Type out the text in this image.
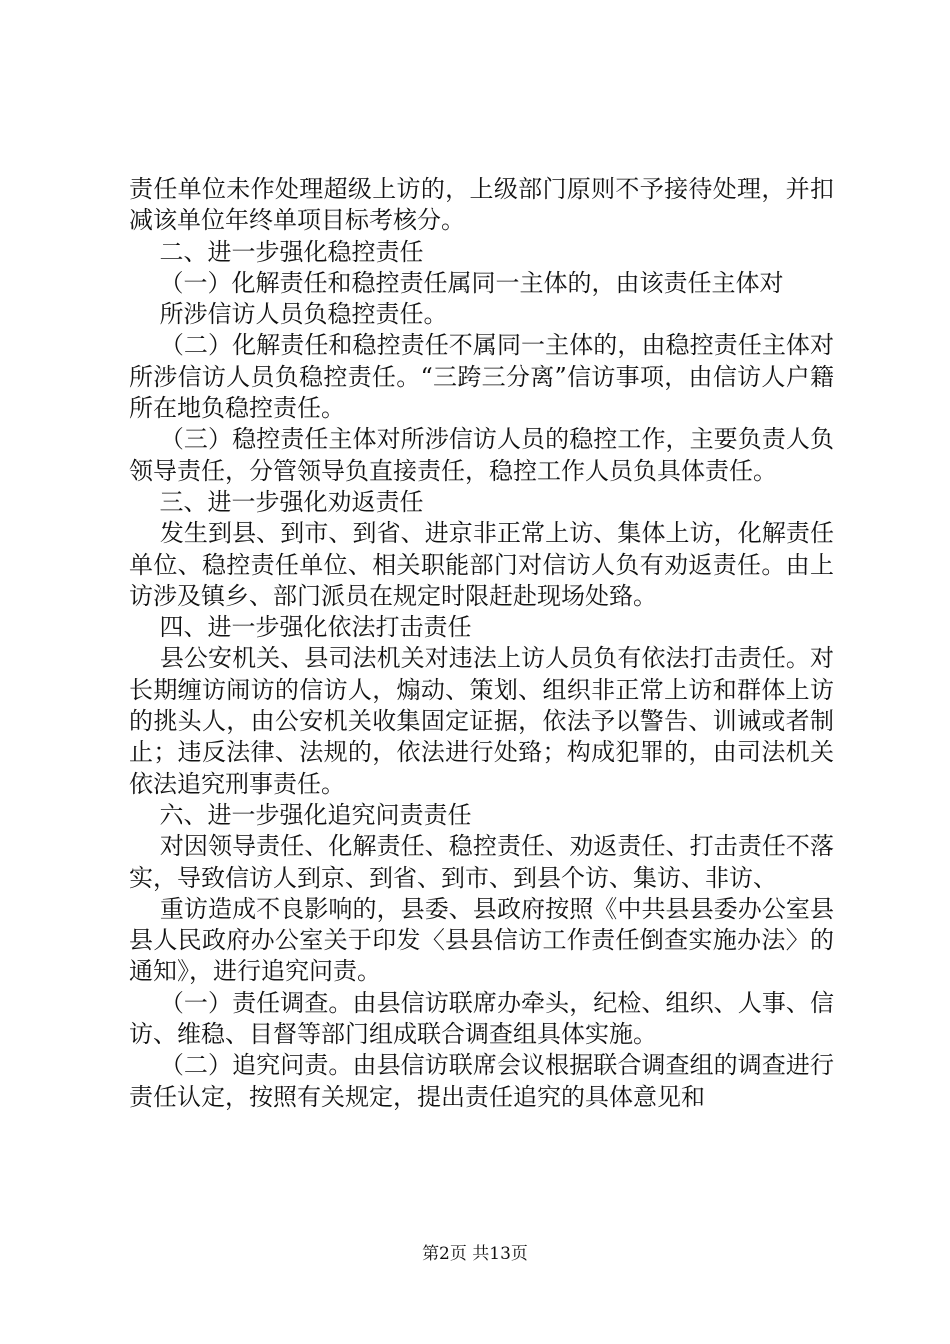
责任单位未作处理超级上访的，上级部门原则不予接待处理，并扣减该单位年终单项目标考核分。

二、进一步强化稳控责任

（一）化解责任和稳控责任属同一主体的，由该责任主体对

所涉信访人员负稳控责任。

（二）化解责任和稳控责任不属同一主体的，由稳控责任主体对所涉信访人员负稳控责任。“三跨三分离”信访事项，由信访人户籍所在地负稳控责任。

（三）稳控责任主体对所涉信访人员的稳控工作，主要负责人负领导责任，分管领导负直接责任，稳控工作人员负具体责任。

三、进一步强化劝返责任

发生到县、到市、到省、进京非正常上访、集体上访，化解责任单位、稳控责任单位、相关职能部门对信访人负有劝返责任。由上访涉及镇乡、部门派员在规定时限赶赴现场处臵。

四、进一步强化依法打击责任

县公安机关、县司法机关对违法上访人员负有依法打击责任。对长期缠访闹访的信访人，煽动、策划、组织非正常上访和群体上访的挑头人，由公安机关收集固定证据，依法予以警告、训诫或者制止；违反法律、法规的，依法进行处臵；构成犯罪的，由司法机关依法追究刑事责任。

六、进一步强化追究问责责任

对因领导责任、化解责任、稳控责任、劝返责任、打击责任不落实，导致信访人到京、到省、到市、到县个访、集访、非访、

重访造成不良影响的，县委、县政府按照《中共县县委办公室县县人民政府办公室关于印发〈县县信访工作责任倒查实施办法〉的通知》，进行追究问责。

（一）责任调查。由县信访联席办牵头，纪检、组织、人事、信访、维稳、目督等部门组成联合调查组具体实施。

（二）追究问责。由县信访联席会议根据联合调查组的调查进行责任认定，按照有关规定，提出责任追究的具体意见和

第2页 共13页
